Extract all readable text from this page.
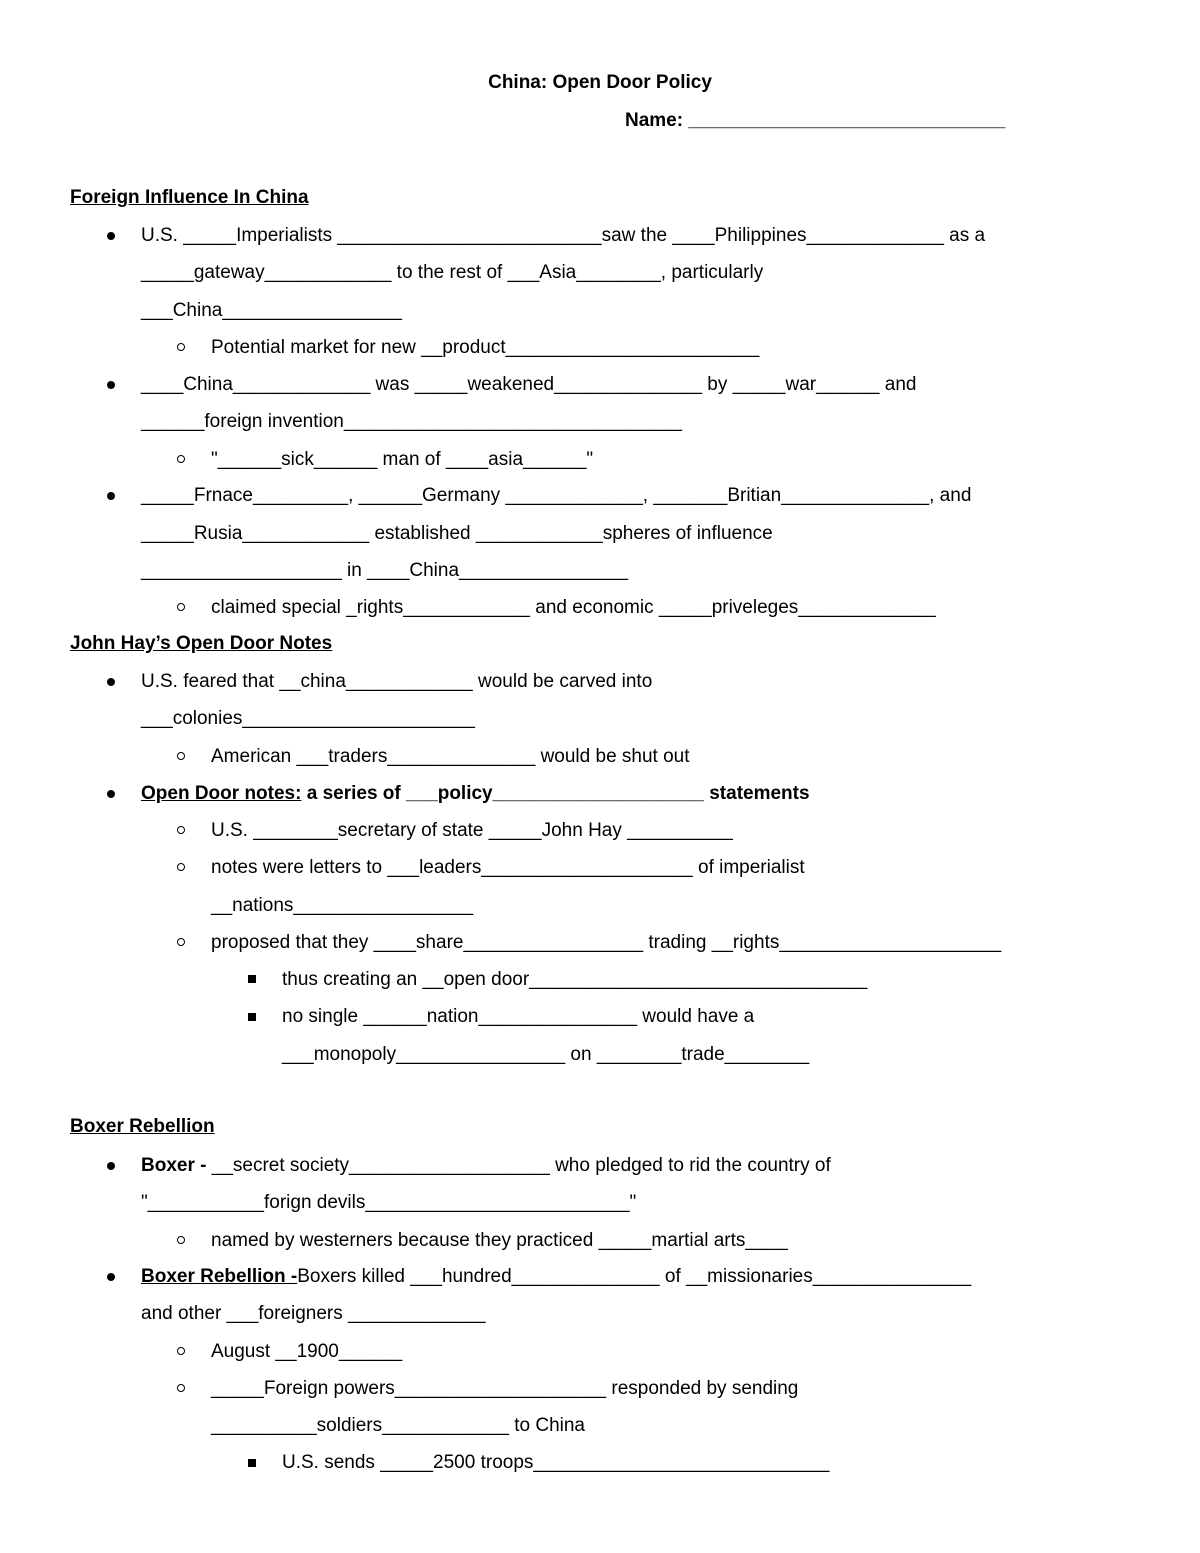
China: Open Door Policy
Name: ______________________________
Foreign Influence In China
U.S. _____Imperialists _________________________saw the ____Philippines_____________ as a
_____gateway____________ to the rest of ___Asia________, particularly
___China_________________
Potential market for new __product________________________
____China_____________ was _____weakened______________ by _____war______ and
______foreign invention________________________________
"______sick______ man of ____asia______"
_____Frnace_________, ______Germany _____________, _______Britian______________, and
_____Rusia____________ established ____________spheres of influence
___________________ in ____China________________
claimed special _rights____________ and economic _____priveleges_____________
John Hay’s Open Door Notes
U.S. feared that __china____________ would be carved into
___colonies______________________
American ___traders______________ would be shut out
Open Door notes: a series of ___policy____________________ statements
U.S. ________secretary of state _____John Hay __________
notes were letters to ___leaders____________________ of imperialist
__nations_________________
proposed that they ____share_________________ trading __rights_____________________
thus creating an __open door________________________________
no single ______nation_______________ would have a
___monopoly________________ on ________trade________
Boxer Rebellion
Boxer - __secret society___________________ who pledged to rid the country of
"___________forign devils_________________________"
named by westerners because they practiced _____martial arts____
Boxer Rebellion -Boxers killed ___hundred______________ of __missionaries_______________
and other ___foreigners _____________
August __1900______
_____Foreign powers____________________ responded by sending
__________soldiers____________ to China
U.S. sends _____2500 troops____________________________
